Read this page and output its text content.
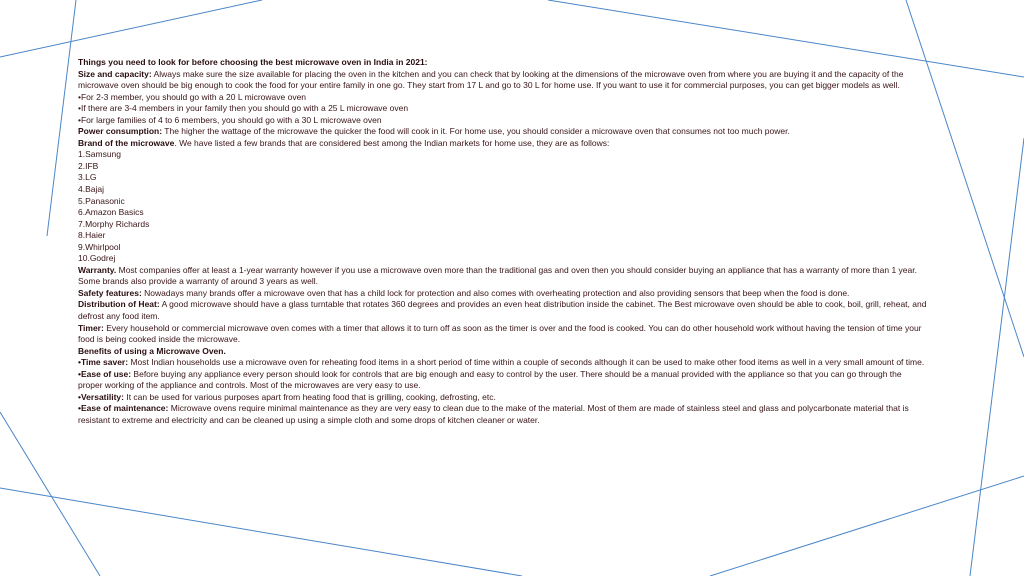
Things you need to look for before choosing the best microwave oven in India in 2021:

Size and capacity: Always make sure the size available for placing the oven in the kitchen and you can check that by looking at the dimensions of the microwave oven from where you are buying it and the capacity of the microwave oven should be big enough to cook the food for your entire family in one go. They start from 17 L and go to 30 L for home use. If you want to use it for commercial purposes, you can get bigger models as well.

•For 2-3 member, you should go with a 20 L microwave oven

•If there are 3-4 members in your family then you should go with a 25 L microwave oven

•For large families of 4 to 6 members, you should go with a 30 L microwave oven

Power consumption: The higher the wattage of the microwave the quicker the food will cook in it. For home use, you should consider a microwave oven that consumes not too much power.

Brand of the microwave. We have listed a few brands that are considered best among the Indian markets for home use, they are as follows:

1.Samsung

2.IFB

3.LG

4.Bajaj

5.Panasonic

6.Amazon Basics

7.Morphy Richards

8.Haier

9.Whirlpool

10.Godrej

Warranty. Most companies offer at least a 1-year warranty however if you use a microwave oven more than the traditional gas and oven then you should consider buying an appliance that has a warranty of more than 1 year. Some brands also provide a warranty of around 3 years as well.

Safety features: Nowadays many brands offer a microwave oven that has a child lock for protection and also comes with overheating protection and also providing sensors that beep when the food is done.

Distribution of Heat: A good microwave should have a glass turntable that rotates 360 degrees and provides an even heat distribution inside the cabinet. The Best microwave oven should be able to cook, boil, grill, reheat, and defrost any food item.

Timer: Every household or commercial microwave oven comes with a timer that allows it to turn off as soon as the timer is over and the food is cooked. You can do other household work without having the tension of time your food is being cooked inside the microwave.

Benefits of using a Microwave Oven.

•Time saver: Most Indian households use a microwave oven for reheating food items in a short period of time within a couple of seconds although it can be used to make other food items as well in a very small amount of time.

•Ease of use: Before buying any appliance every person should look for controls that are big enough and easy to control by the user. There should be a manual provided with the appliance so that you can go through the proper working of the appliance and controls. Most of the microwaves are very easy to use.

•Versatility: It can be used for various purposes apart from heating food that is grilling, cooking, defrosting, etc.

•Ease of maintenance: Microwave ovens require minimal maintenance as they are very easy to clean due to the make of the material. Most of them are made of stainless steel and glass and polycarbonate material that is resistant to extreme and electricity and can be cleaned up using a simple cloth and some drops of kitchen cleaner or water.
